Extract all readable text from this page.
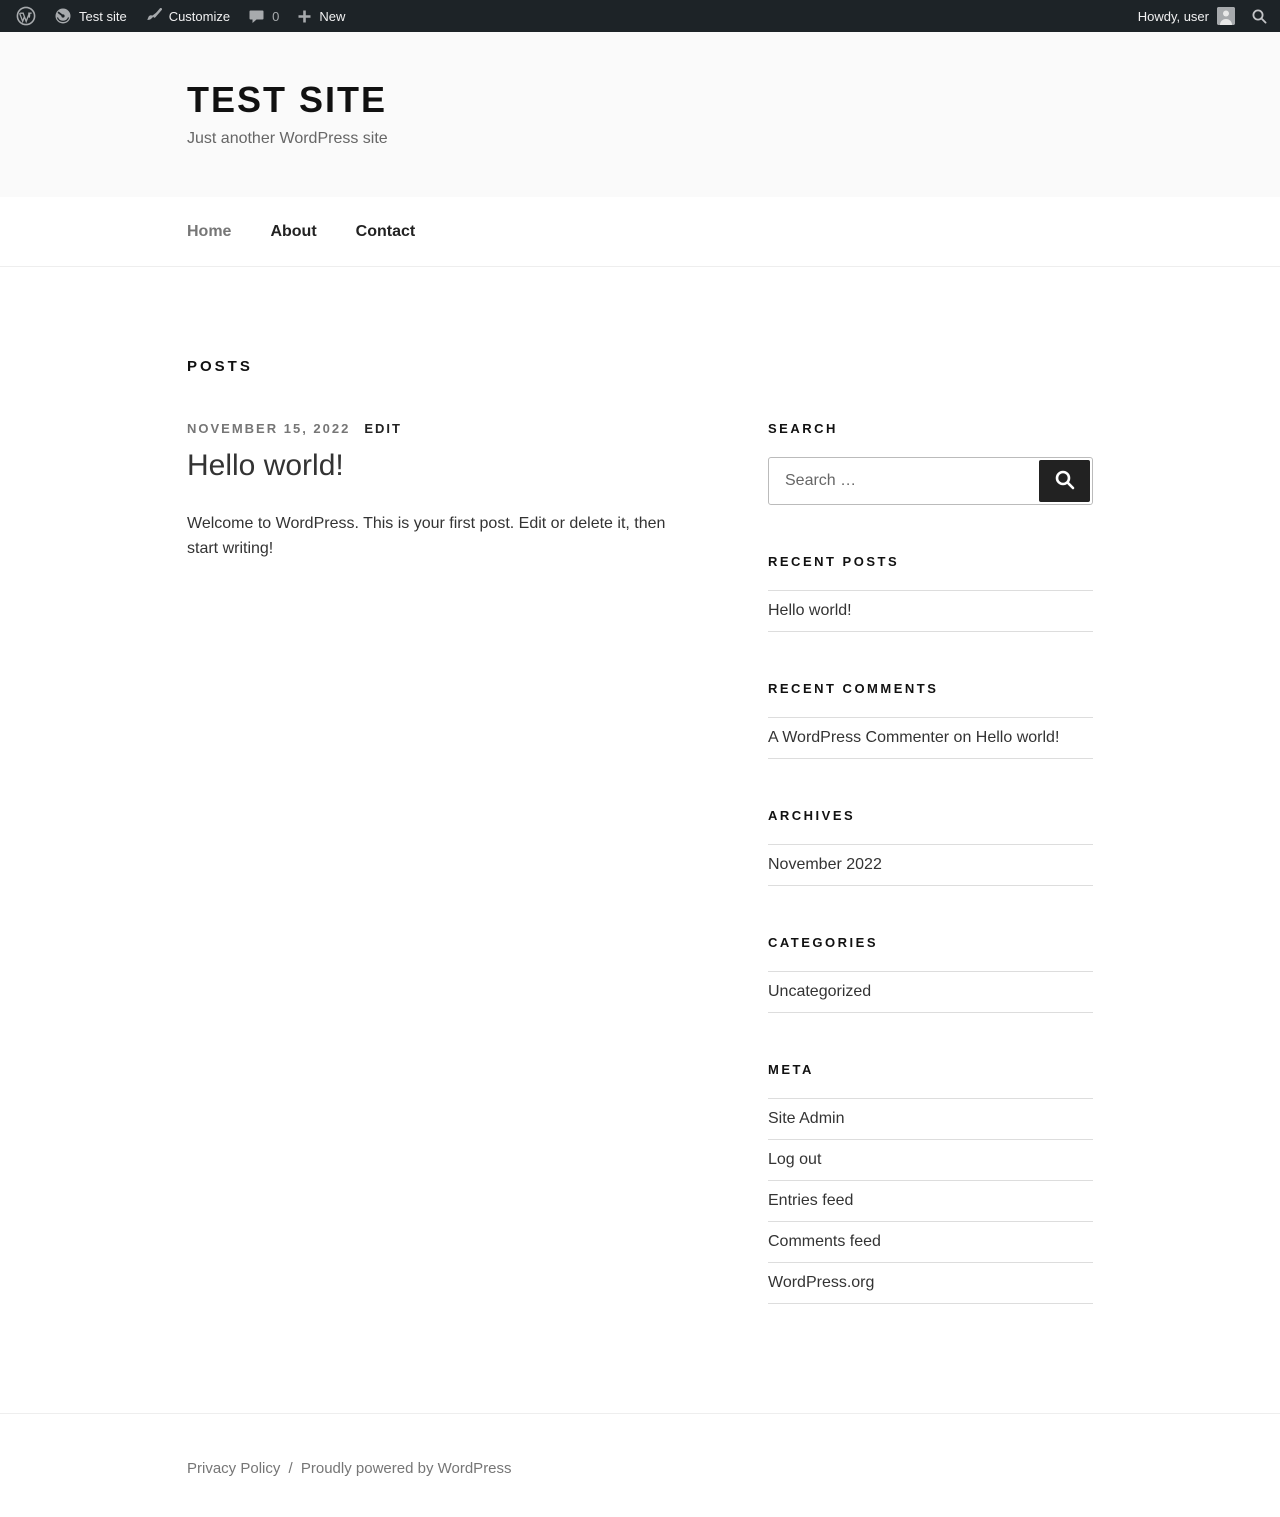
Test site	Customize	0	New	Howdy, user
TEST SITE
Just another WordPress site
Home About Contact
POSTS
NOVEMBER 15, 2022 EDIT
Hello world!

Welcome to WordPress. This is your first post. Edit or delete it, then start writing!

SEARCH
Search …
RECENT POSTS
Hello world!
RECENT COMMENTS
A WordPress Commenter on Hello world!
ARCHIVES
November 2022
CATEGORIES
Uncategorized
META
Site Admin
Log out
Entries feed
Comments feed
WordPress.org
Privacy Policy / Proudly powered by WordPress
